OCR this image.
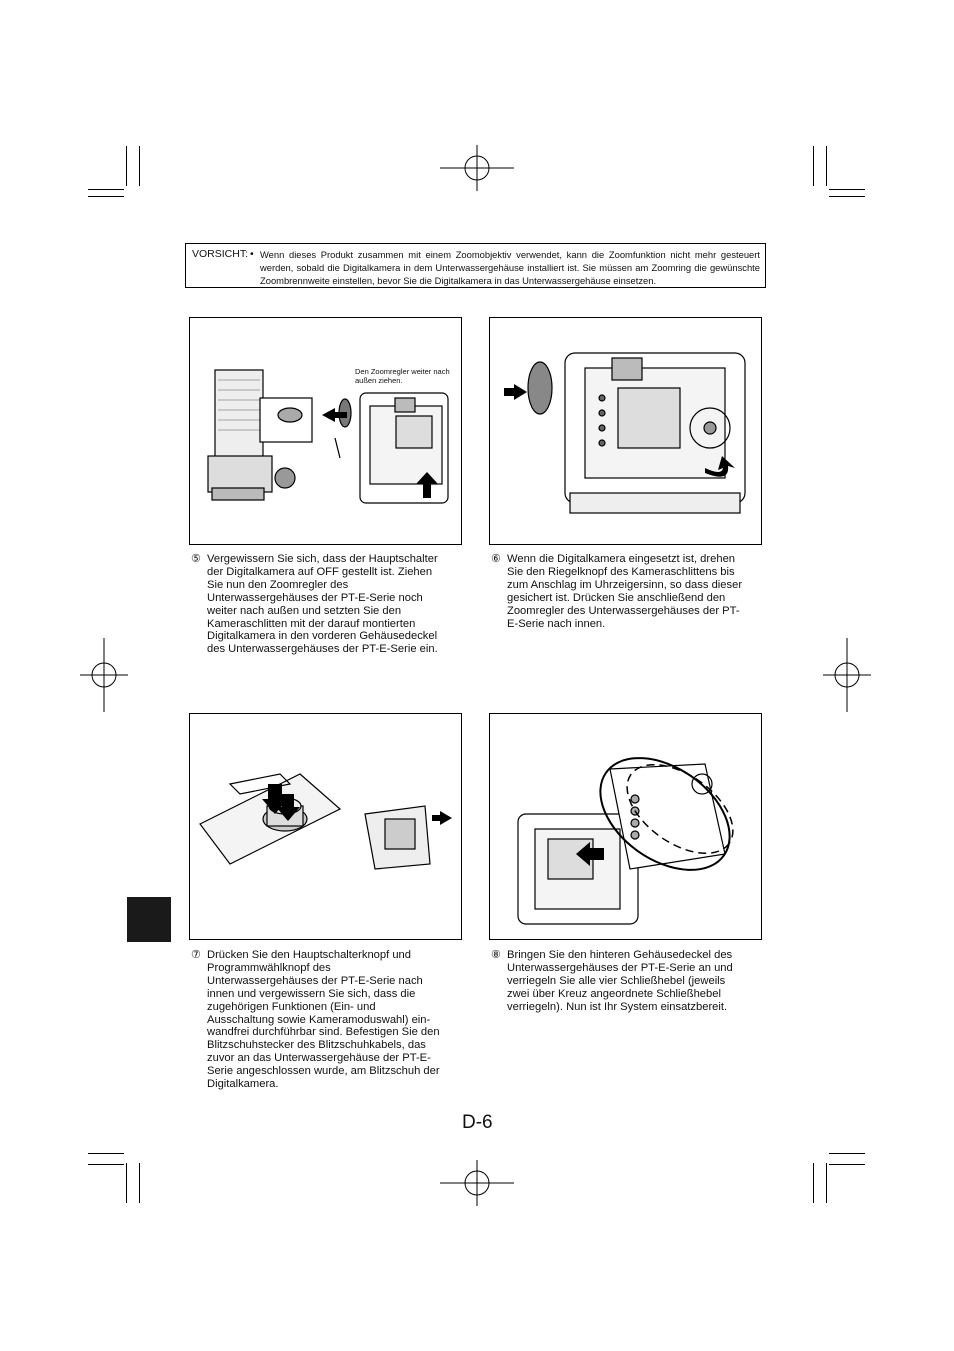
VORSICHT: • Wenn dieses Produkt zusammen mit einem Zoomobjektiv verwendet, kann die Zoomfunktion nicht mehr gesteuert werden, sobald die Digitalkamera in dem Unterwassergehäuse installiert ist. Sie müssen am Zoomring die gewünschte Zoombrennweite einstellen, bevor Sie die Digitalkamera in das Unterwassergehäuse einsetzen.
Den Zoomregler weiter nach außen ziehen.
⑤ Vergewissern Sie sich, dass der Hauptschalter
der Digitalkamera auf OFF gestellt ist. Ziehen
Sie nun den Zoomregler des
Unterwassergehäuses der PT-E-Serie noch
weiter nach außen und setzten Sie den
Kameraschlitten mit der darauf montierten
Digitalkamera in den vorderen Gehäusedeckel
des Unterwassergehäuses der PT-E-Serie ein.
⑥ Wenn die Digitalkamera eingesetzt ist, drehen
Sie den Riegelknopf des Kameraschlittens bis
zum Anschlag im Uhrzeigersinn, so dass dieser
gesichert ist. Drücken Sie anschließend den
Zoomregler des Unterwassergehäuses der PT-
E-Serie nach innen.
⑦ Drücken Sie den Hauptschalterknopf und
Programmwählknopf des
Unterwassergehäuses der PT-E-Serie nach
innen und vergewissern Sie sich, dass die
zugehörigen Funktionen (Ein- und
Ausschaltung sowie Kameramoduswahl) ein-
wandfrei durchführbar sind. Befestigen Sie den
Blitzschuhstecker des Blitzschuhkabels, das
zuvor an das Unterwassergehäuse der PT-E-
Serie angeschlossen wurde, am Blitzschuh der
Digitalkamera.
⑧ Bringen Sie den hinteren Gehäusedeckel des
Unterwassergehäuses der PT-E-Serie an und
verriegeln Sie alle vier Schließhebel (jeweils
zwei über Kreuz angeordnete Schließhebel
verriegeln). Nun ist Ihr System einsatzbereit.
D-6
